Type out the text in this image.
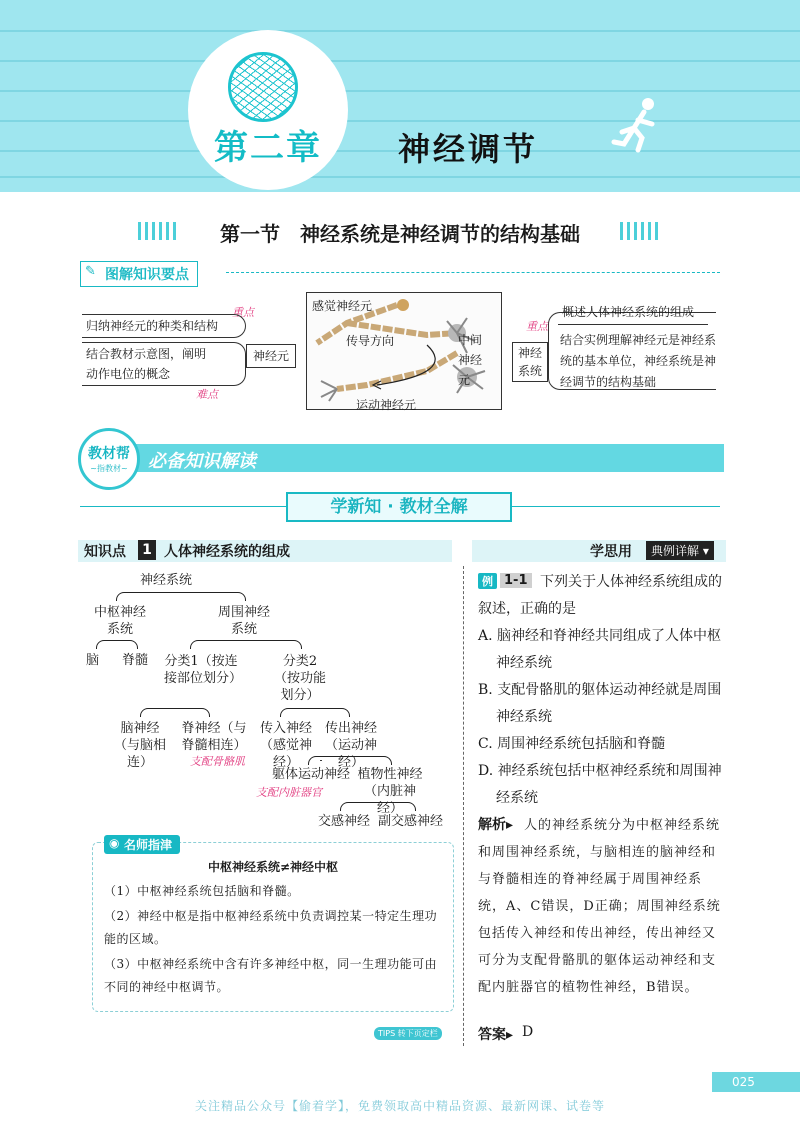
第二章 神经调节
第一节　神经系统是神经调节的结构基础
✎ 图解知识要点
归纳神经元的种类和结构
结合教材示意图，阐明
动作电位的概念
重点
难点
神经元
感觉神经元
传导方向	中间神经元
运动神经元
神经系统
重点
概述人体神经系统的组成
结合实例理解神经元是神经系统的基本单位，神经系统是神经调节的结构基础
必备知识解读
教材帮
~指教材~
学新知 · 教材全解
知识点 1 人体神经系统的组成	学思用	典例详解 ▾
神经系统
中枢神经系统
周围神经系统
脑 脊髓 分类1（按连接部位划分）
分类2（按功能划分）
脑神经（与脑相连）
脊神经（与脊髓相连）
传入神经（感觉神经）
传出神经（运动神经）
支配骨骼肌
躯体运动神经 植物性神经（内脏神经）
支配内脏器官
交感神经 副交感神经
◉ 名师指津
中枢神经系统≠神经中枢
（1）中枢神经系统包括脑和脊髓。
（2）神经中枢是指中枢神经系统中负责调控某一特定生理功能的区域。
（3）中枢神经系统中含有许多神经中枢，同一生理功能可由不同的神经中枢调节。
TIPS 转下页定栏
例 1-1 下列关于人体神经系统组成的叙述，正确的是
A. 脑神经和脊神经共同组成了人体中枢神经系统
B. 支配骨骼肌的躯体运动神经就是周围神经系统
C. 周围神经系统包括脑和脊髓
D. 神经系统包括中枢神经系统和周围神经系统
解析▸ 人的神经系统分为中枢神经系统和周围神经系统，与脑相连的脑神经和与脊髓相连的脊神经属于周围神经系统，A、C错误，D正确；周围神经系统包括传入神经和传出神经，传出神经又可分为支配骨骼肌的躯体运动神经和支配内脏器官的植物性神经，B错误。
答案▸ D
025
关注精品公众号【偷着学】，免费领取高中精品资源、最新网课、试卷等
